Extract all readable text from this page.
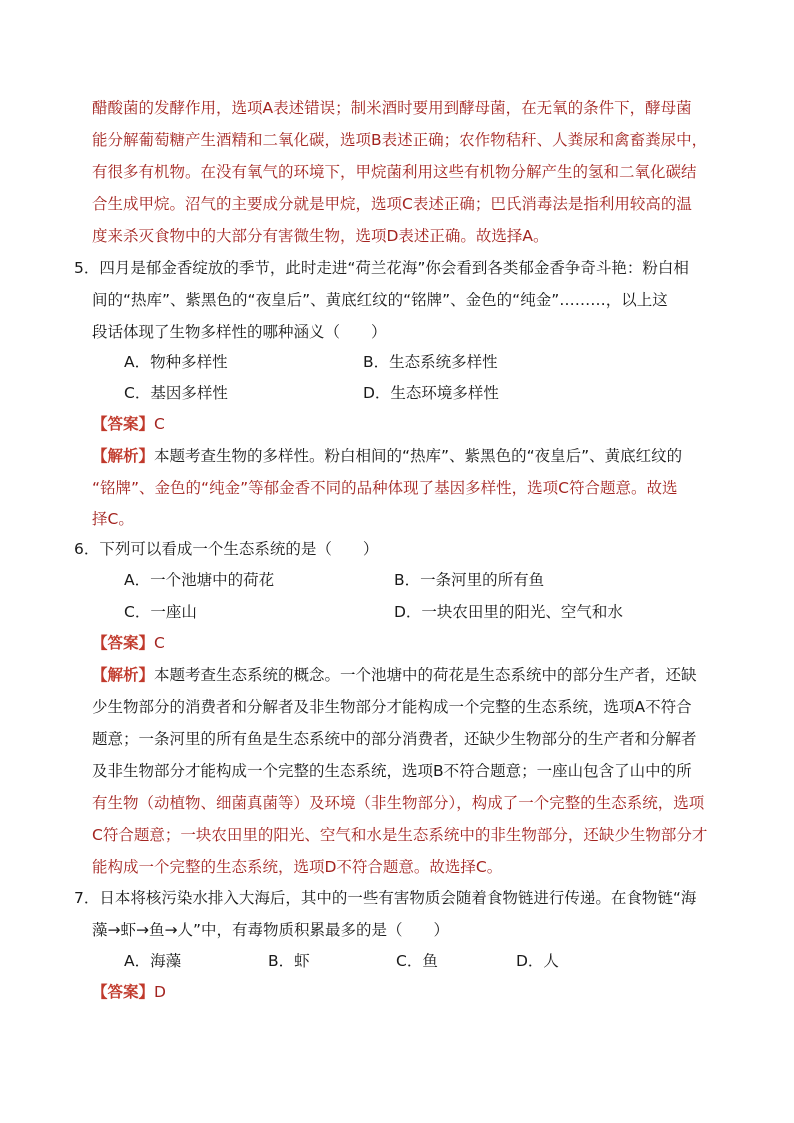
醋酸菌的发酵作用，选项A表述错误；制米酒时要用到酵母菌，在无氧的条件下，酵母菌
能分解葡萄糖产生酒精和二氧化碳，选项B表述正确；农作物秸秆、人粪尿和禽畜粪尿中，
有很多有机物。在没有氧气的环境下，甲烷菌利用这些有机物分解产生的氢和二氧化碳结
合生成甲烷。沼气的主要成分就是甲烷，选项C表述正确；巴氏消毒法是指利用较高的温
度来杀灭食物中的大部分有害微生物，选项D表述正确。故选择A。
5．四月是郁金香绽放的季节，此时走进“荷兰花海”你会看到各类郁金香争奇斗艳：粉白相
间的“热库”、紫黑色的“夜皇后”、黄底红纹的“铭牌”、金色的“纯金”………，以上这
段话体现了生物多样性的哪种涵义（　　）
A．物种多样性	B．生态系统多样性
C．基因多样性	D．生态环境多样性
【答案】C
【解析】本题考查生物的多样性。粉白相间的“热库”、紫黑色的“夜皇后”、黄底红纹的
“铭牌”、金色的“纯金”等郁金香不同的品种体现了基因多样性，选项C符合题意。故选
择C。
6．下列可以看成一个生态系统的是（　　）
A．一个池塘中的荷花	B．一条河里的所有鱼
C．一座山	D．一块农田里的阳光、空气和水
【答案】C
【解析】本题考查生态系统的概念。一个池塘中的荷花是生态系统中的部分生产者，还缺
少生物部分的消费者和分解者及非生物部分才能构成一个完整的生态系统，选项A不符合
题意；一条河里的所有鱼是生态系统中的部分消费者，还缺少生物部分的生产者和分解者
及非生物部分才能构成一个完整的生态系统，选项B不符合题意；一座山包含了山中的所
有生物（动植物、细菌真菌等）及环境（非生物部分），构成了一个完整的生态系统，选项
C符合题意；一块农田里的阳光、空气和水是生态系统中的非生物部分，还缺少生物部分才
能构成一个完整的生态系统，选项D不符合题意。故选择C。
7．日本将核污染水排入大海后，其中的一些有害物质会随着食物链进行传递。在食物链“海
藻→虾→鱼→人”中，有毒物质积累最多的是（　　）
A．海藻	B．虾	C．鱼	D．人
【答案】D
